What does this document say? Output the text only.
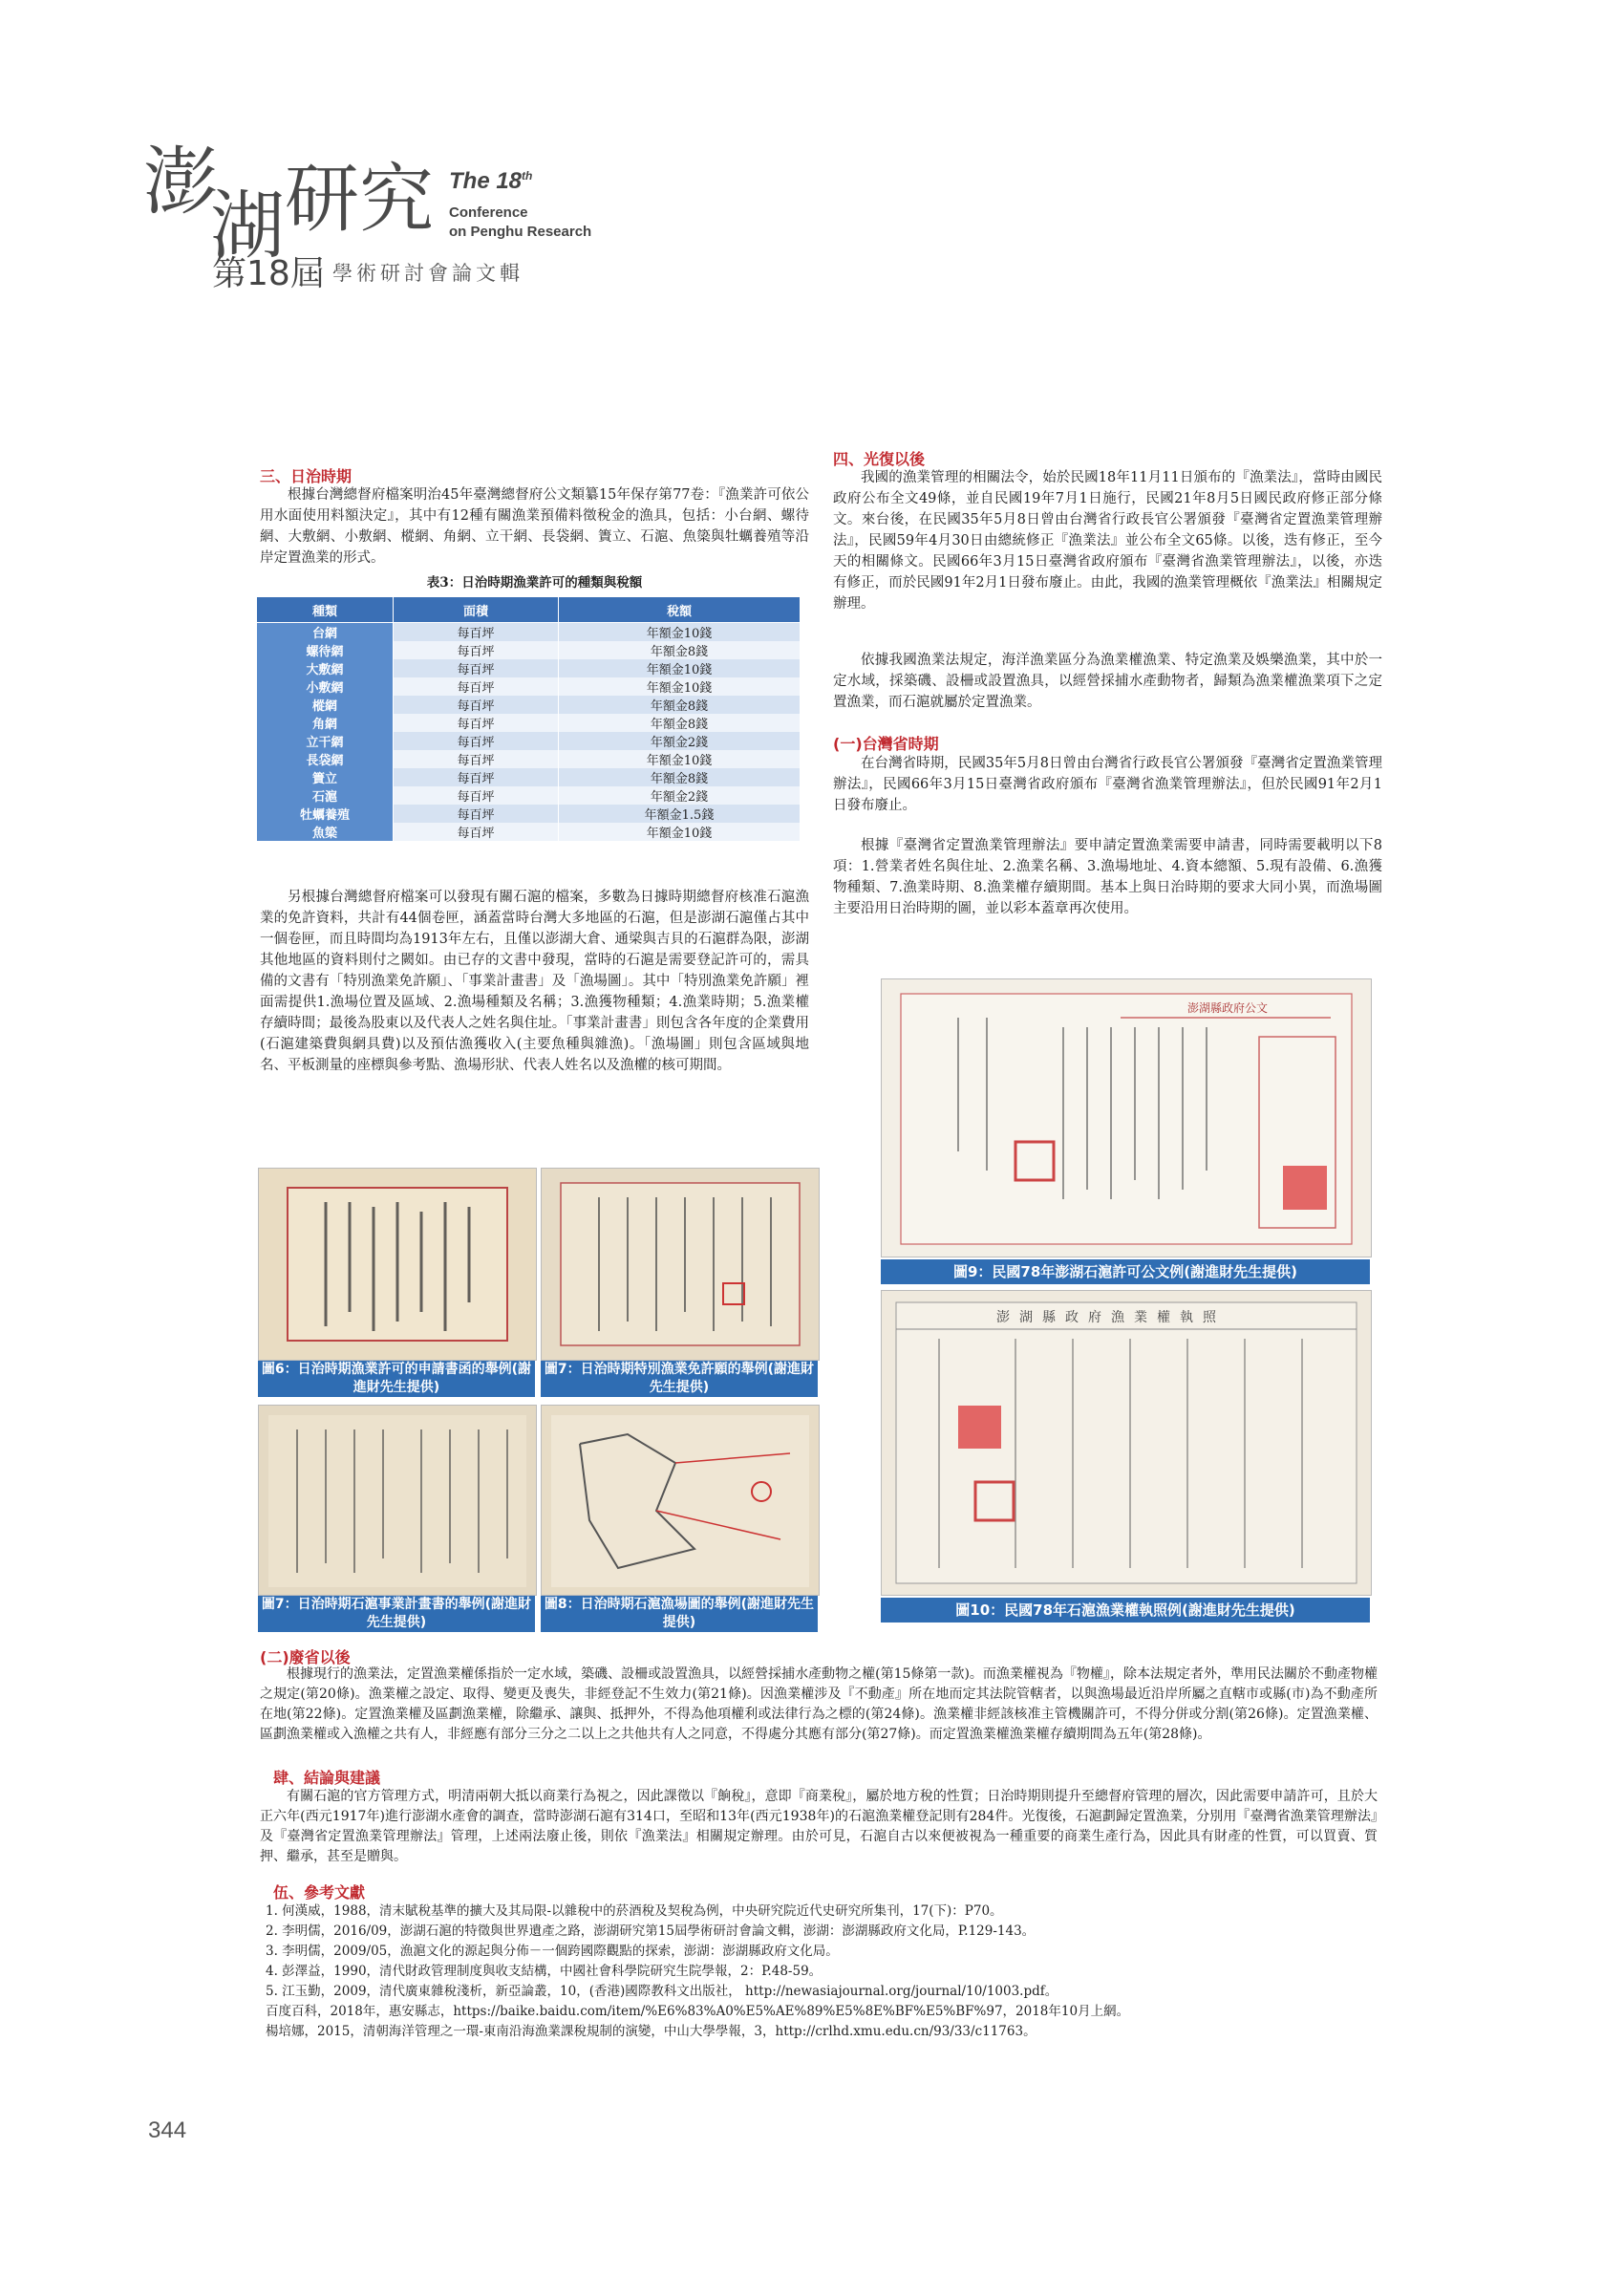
澎
湖
研
究 The 18th
Conference
on Penghu Research
第18屆 學術研討會論文輯
三、日治時期

根據台灣總督府檔案明治45年臺灣總督府公文類纂15年保存第77卷：『漁業許可依公用水面使用料額決定』，其中有12種有關漁業預備料徵稅金的漁具，包括：小台網、螺待網、大敷網、小敷網、樅網、角網、立干網、長袋網、簀立、石滬、魚簗與牡蠣養殖等沿岸定置漁業的形式。

表3：日治時期漁業許可的種類與稅額
種類	面積	稅額
台網	每百坪	年額金10錢
螺待網	每百坪	年額金8錢
大敷網	每百坪	年額金10錢
小敷網	每百坪	年額金10錢
樅網	每百坪	年額金8錢
角網	每百坪	年額金8錢
立干網	每百坪	年額金2錢
長袋網	每百坪	年額金10錢
簀立	每百坪	年額金8錢
石滬	每百坪	年額金2錢
牡蠣養殖	每百坪	年額金1.5錢
魚簗	每百坪	年額金10錢

另根據台灣總督府檔案可以發現有關石滬的檔案，多數為日據時期總督府核准石滬漁業的免許資料，共計有44個卷匣，涵蓋當時台灣大多地區的石滬，但是澎湖石滬僅占其中一個卷匣，而且時間均為1913年左右，且僅以澎湖大倉、通梁與吉貝的石滬群為限，澎湖其他地區的資料則付之闕如。由已存的文書中發現，當時的石滬是需要登記許可的，需具備的文書有「特別漁業免許願」、「事業計畫書」及「漁場圖」。其中「特別漁業免許願」裡面需提供1.漁場位置及區域、2.漁場種類及名稱；3.漁獲物種類；4.漁業時期；5.漁業權存續時間；最後為股東以及代表人之姓名與住址。「事業計畫書」則包含各年度的企業費用(石滬建築費與網具費)以及預估漁獲收入(主要魚種與雜漁)。「漁場圖」則包含區域與地名、平板測量的座標與參考點、漁場形狀、代表人姓名以及漁權的核可期間。

圖6：日治時期漁業許可的申請書函的舉例(謝進財先生提供)
圖7：日治時期特別漁業免許願的舉例(謝進財先生提供)
圖7：日治時期石滬事業計畫書的舉例(謝進財先生提供)
圖8：日治時期石滬漁場圖的舉例(謝進財先生提供)
四、光復以後

我國的漁業管理的相關法令，始於民國18年11月11日頒布的『漁業法』，當時由國民政府公布全文49條，並自民國19年7月1日施行，民國21年8月5日國民政府修正部分條文。來台後，在民國35年5月8日曾由台灣省行政長官公署頒發『臺灣省定置漁業管理辦法』，民國59年4月30日由總統修正『漁業法』並公布全文65條。以後，迭有修正，至今天的相關條文。民國66年3月15日臺灣省政府頒布『臺灣省漁業管理辦法』，以後，亦迭有修正，而於民國91年2月1日發布廢止。由此，我國的漁業管理概依『漁業法』相關規定辦理。

依據我國漁業法規定，海洋漁業區分為漁業權漁業、特定漁業及娛樂漁業，其中於一定水域，採築磯、設柵或設置漁具，以經營採捕水產動物者，歸類為漁業權漁業項下之定置漁業，而石滬就屬於定置漁業。

(一)台灣省時期

在台灣省時期，民國35年5月8日曾由台灣省行政長官公署頒發『臺灣省定置漁業管理辦法』，民國66年3月15日臺灣省政府頒布『臺灣省漁業管理辦法』，但於民國91年2月1日發布廢止。

根據『臺灣省定置漁業管理辦法』要申請定置漁業需要申請書，同時需要載明以下8項：1.營業者姓名與住址、2.漁業名稱、3.漁場地址、4.資本總額、5.現有設備、6.漁獲物種類、7.漁業時期、8.漁業權存續期間。基本上與日治時期的要求大同小異，而漁場圖主要沿用日治時期的圖，並以彩本蓋章再次使用。

澎湖縣政府公文
圖9：民國78年澎湖石滬許可公文例(謝進財先生提供)
澎湖縣政府漁業權執照
圖10：民國78年石滬漁業權執照例(謝進財先生提供)
(二)廢省以後

根據現行的漁業法，定置漁業權係指於一定水域，築磯、設柵或設置漁具，以經營採捕水產動物之權(第15條第一款)。而漁業權視為『物權』，除本法規定者外，準用民法關於不動產物權之規定(第20條)。漁業權之設定、取得、變更及喪失，非經登記不生效力(第21條)。因漁業權涉及『不動產』所在地而定其法院管轄者，以與漁場最近沿岸所屬之直轄市或縣(市)為不動產所在地(第22條)。定置漁業權及區劃漁業權，除繼承、讓與、抵押外，不得為他項權利或法律行為之標的(第24條)。漁業權非經該核准主管機關許可，不得分併或分割(第26條)。定置漁業權、區劃漁業權或入漁權之共有人，非經應有部分三分之二以上之共他共有人之同意，不得處分其應有部分(第27條)。而定置漁業權漁業權存續期間為五年(第28條)。

肆、結論與建議

有關石滬的官方管理方式，明清兩朝大抵以商業行為視之，因此課徵以『餉稅』，意即『商業稅』，屬於地方稅的性質；日治時期則提升至總督府管理的層次，因此需要申請許可，且於大正六年(西元1917年)進行澎湖水產會的調查，當時澎湖石滬有314口，至昭和13年(西元1938年)的石滬漁業權登記則有284件。光復後，石滬劃歸定置漁業，分別用『臺灣省漁業管理辦法』及『臺灣省定置漁業管理辦法』管理，上述兩法廢止後，則依『漁業法』相關規定辦理。由於可見，石滬自古以來便被視為一種重要的商業生產行為，因此具有財產的性質，可以買賣、質押、繼承，甚至是贈與。

伍、參考文獻
1. 何漢威，1988，清末賦稅基準的擴大及其局限-以雜稅中的菸酒稅及契稅為例，中央研究院近代史研究所集刊，17(下)：P70。
2. 李明儒，2016/09，澎湖石滬的特徵與世界遺產之路，澎湖研究第15屆學術研討會論文輯，澎湖：澎湖縣政府文化局，P.129-143。
3. 李明儒，2009/05，漁滬文化的源起與分佈－一個跨國際觀點的探索，澎湖：澎湖縣政府文化局。
4. 彭澤益，1990，清代財政管理制度與收支結構，中國社會科學院研究生院學報，2：P.48-59。
5. 江玉勤，2009，清代廣東雜稅淺析，新亞論叢，10，(香港)國際教科文出版社， http://newasiajournal.org/journal/10/1003.pdf。
百度百科，2018年，惠安縣志，https://baike.baidu.com/item/%E6%83%A0%E5%AE%89%E5%8E%BF%E5%BF%97，2018年10月上網。
楊培娜，2015，清朝海洋管理之一環-東南沿海漁業課稅規制的演變，中山大學學報，3，http://crlhd.xmu.edu.cn/93/33/c11763。
344
